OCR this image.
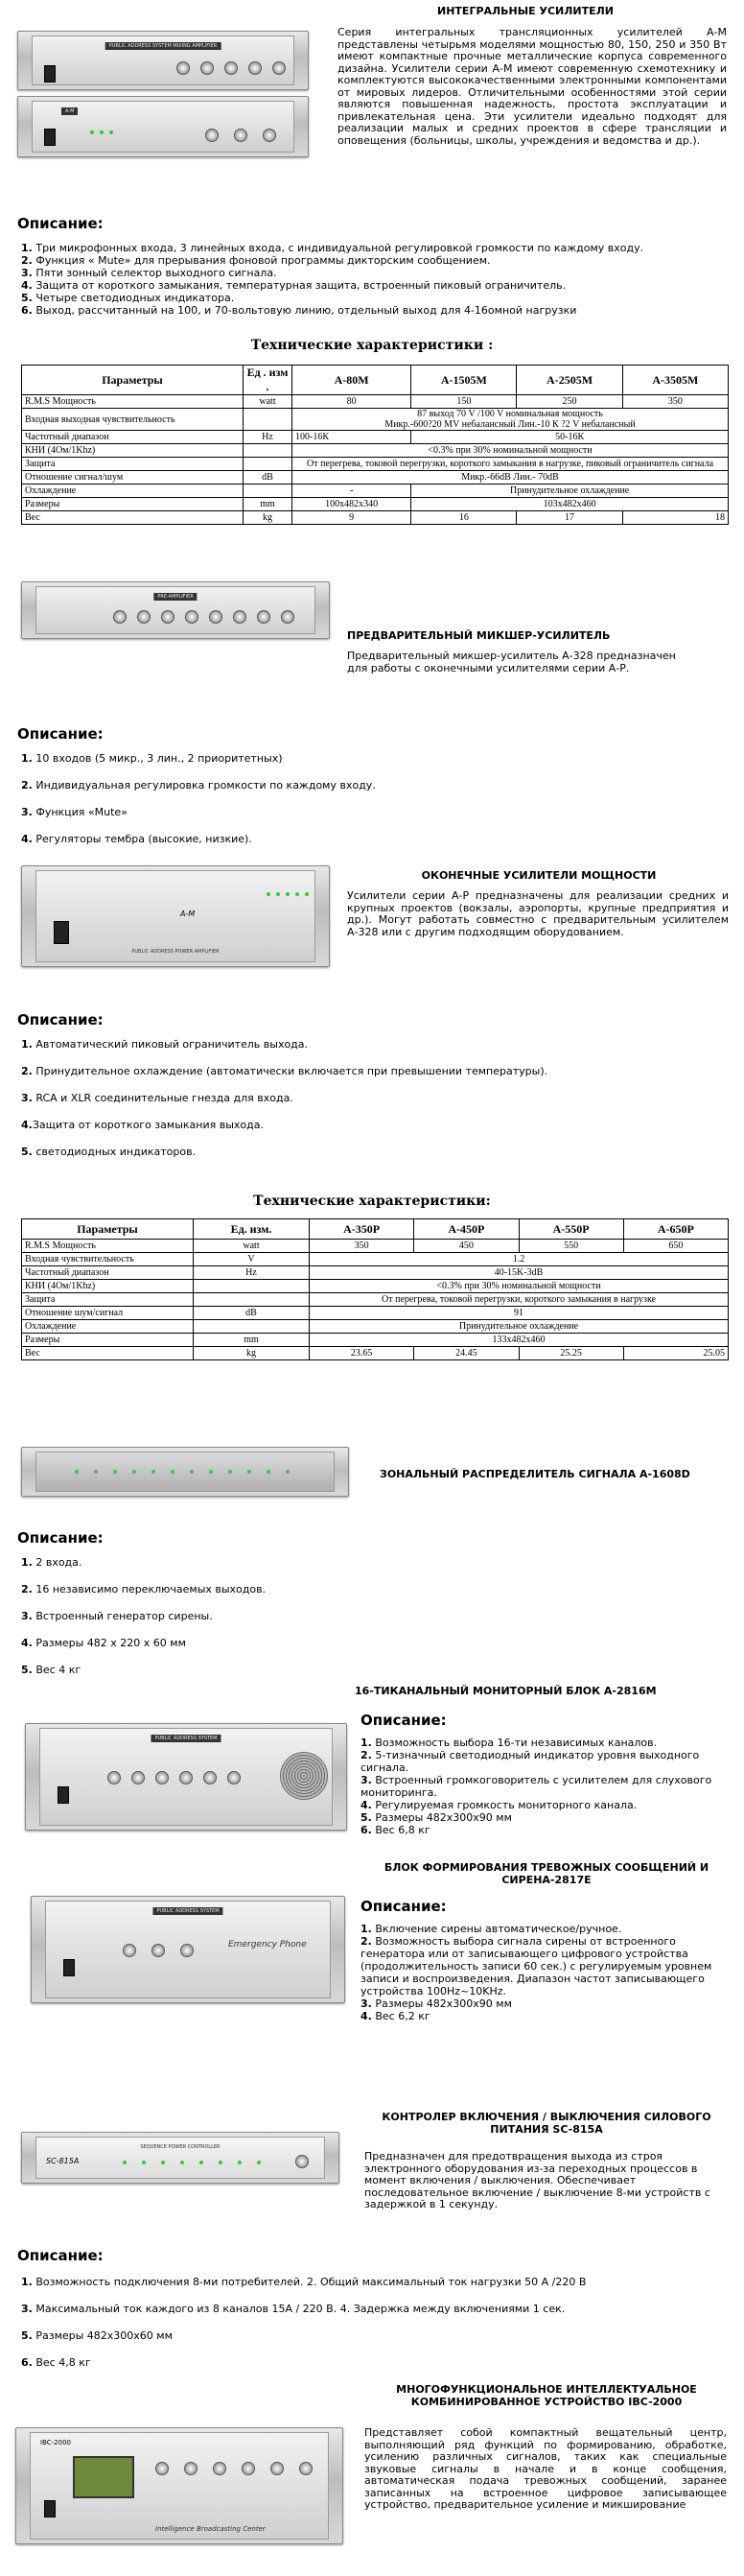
PUBLIC ADDRESS SYSTEM MIXING AMPLIFIER
A-M
ИНТЕГРАЛЬНЫЕ УСИЛИТЕЛИ
Серия интегральных трансляционных усилителей А-М представлены четырьмя моделями мощностью 80, 150, 250 и 350 Вт имеют компактные прочные металлические корпуса современного дизайна. Усилители серии А-М имеют современную схемотехнику и комплектуются высококачественными электронными компонентами от мировых лидеров. Отличительными особенностями этой серии являются повышенная надежность, простота эксплуатации и привлекательная цена. Эти усилители идеально подходят для реализации малых и средних проектов в сфере трансляции и оповещения (больницы, школы, учреждения и ведомства и др.).
Описание:
1. Три микрофонных входа, 3 линейных входа, с индивидуальной регулировкой громкости по каждому входу.
2. Функция « Mute» для прерывания фоновой программы дикторским сообщением.
3. Пяти зонный селектор выходного сигнала.
4. Защита от короткого замыкания, температурная защита, встроенный пиковый ограничитель.
5. Четыре светодиодных индикатора.
6. Выход, рассчитанный на 100, и 70-вольтовую линию, отдельный выход для 4-16омной нагрузки
Технические характеристики :
Параметры	Ед . изм .	A-80M	A-1505M	A-2505M	A-3505M
R.M.S Мощность	watt	80	150	250	350
Входная выходная чувствительность		87 выход 70 V /100 V номинальная мощность
Микр.-600?20 MV небалансный Лин.-10 К ?2 V небалансный			

Частотный диапазон	Hz	100-16К	50-16К		
КНИ (4Ом/1Khz)		<0.3% при 30% номинальной мощности			
Защита		От перегрева, токовой перегрузки, короткого замыкания в нагрузке, пиковый ограничитель сигнала			
Отношение сигнал/шум	dB	Микр.-66dB Лин.- 70dB			
Охлаждение		-	Принудительное охлаждение		
Размеры	mm	100х482х340	103х482х460		
Вес	kg	9	16	17	18
PRE-AMPLIFIER
ПРЕДВАРИТЕЛЬНЫЙ МИКШЕР-УСИЛИТЕЛЬ
Предварительный микшер-усилитель А-328 предназначен для работы с оконечными усилителями серии А-Р.
Описание:
1. 10 входов (5 микр., 3 лин., 2 приоритетных)
2. Индивидуальная регулировка громкости по каждому входу.
3. Функция «Mute»
4. Регуляторы тембра (высокие, низкие).
A-M
PUBLIC ADDRESS POWER AMPLIFIER
ОКОНЕЧНЫЕ УСИЛИТЕЛИ МОЩНОСТИ
Усилители серии А-Р предназначены для реализации средних и крупных проектов (вокзалы, аэропорты, крупные предприятия и др.). Могут работать совместно с предварительным усилителем А-328 или с другим подходящим оборудованием.
Описание:
1. Автоматический пиковый ограничитель выхода.
2. Принудительное охлаждение (автоматически включается при превышении температуры).
3. RCA и XLR соединительные гнезда для входа.
4.Защита от короткого замыкания выхода.
5. светодиодных индикаторов.
Технические характеристики:
Параметры	Ед. изм.	A-350P	A-450P	A-550P	A-650P
R.M.S Мощность	watt	350	450	550	650
Входная чувствительность	V	1.2			
Частотный диапазон	Hz	40-15K-3dB			
КНИ (4Ом/1Khz)		<0.3% при 30% номинальной мощности			
Защита		От перегрева, токовой перегрузки, короткого замыкания в нагрузке			
Отношение шум/сигнал	dB	91			
Охлаждение		Принудительное охлаждение			
Размеры	mm	133х482х460			
Вес	kg	23.65	24.45	25.25	25.05
ЗОНАЛЬНЫЙ РАСПРЕДЕЛИТЕЛЬ СИГНАЛА А-1608D
Описание:
1. 2 входа.
2. 16 независимо переключаемых выходов.
3. Встроенный генератор сирены.
4. Размеры 482 х 220 х 60 мм
5. Вес 4 кг
16-ТИКАНАЛЬНЫЙ МОНИТОРНЫЙ БЛОК А-2816М
PUBLIC ADDRESS SYSTEM
Описание:
1. Возможность выбора 16-ти независимых каналов.
2. 5-тизначный светодиодный индикатор уровня выходного сигнала.
3. Встроенный громкоговоритель с усилителем для слухового мониторинга.
4. Регулируемая громкость мониторного канала.
5. Размеры 482х300х90 мм
6. Вес 6,8 кг
БЛОК ФОРМИРОВАНИЯ ТРЕВОЖНЫХ СООБЩЕНИЙ И СИРЕНА-2817Е
PUBLIC ADDRESS SYSTEM
Emergency Phone
Описание:
1. Включение сирены автоматическое/ручное.
2. Возможность выбора сигнала сирены от встроенного генератора или от записывающего цифрового устройства (продолжительность записи 60 сек.) с регулируемым уровнем записи и воспроизведения. Диапазон частот записывающего устройства 100Hz~10KHz.
3. Размеры 482х300х90 мм
4. Вес 6,2 кг
SEQUENCE POWER CONTROLLER
SC-815A
КОНТРОЛЕР ВКЛЮЧЕНИЯ / ВЫКЛЮЧЕНИЯ СИЛОВОГО ПИТАНИЯ SC-815A
Предназначен для предотвращения выхода из строя электронного оборудования из-за переходных процессов в момент включения / выключения. Обеспечивает последовательное включение / выключение 8-ми устройств с задержкой в 1 секунду.
Описание:
1. Возможность подключения 8-ми потребителей. 2. Общий максимальный ток нагрузки 50 А /220 В
3. Максимальный ток каждого из 8 каналов 15А / 220 В. 4. Задержка между включениями 1 сек.
5. Размеры 482х300х60 мм
6. Вес 4,8 кг
МНОГОФУНКЦИОНАЛЬНОЕ ИНТЕЛЛЕКТУАЛЬНОЕ КОМБИНИРОВАННОЕ УСТРОЙСТВО IBC-2000
IBC-2000
Intelligence Broadcasting Center
Представляет собой компактный вещательный центр, выполняющий ряд функций по формированию, обработке, усилению различных сигналов, таких как специальные звуковые сигналы в начале и в конце сообщения, автоматическая подача тревожных сообщений, заранее записанных на встроенное цифровое записывающее устройство, предварительное усиление и микширование
